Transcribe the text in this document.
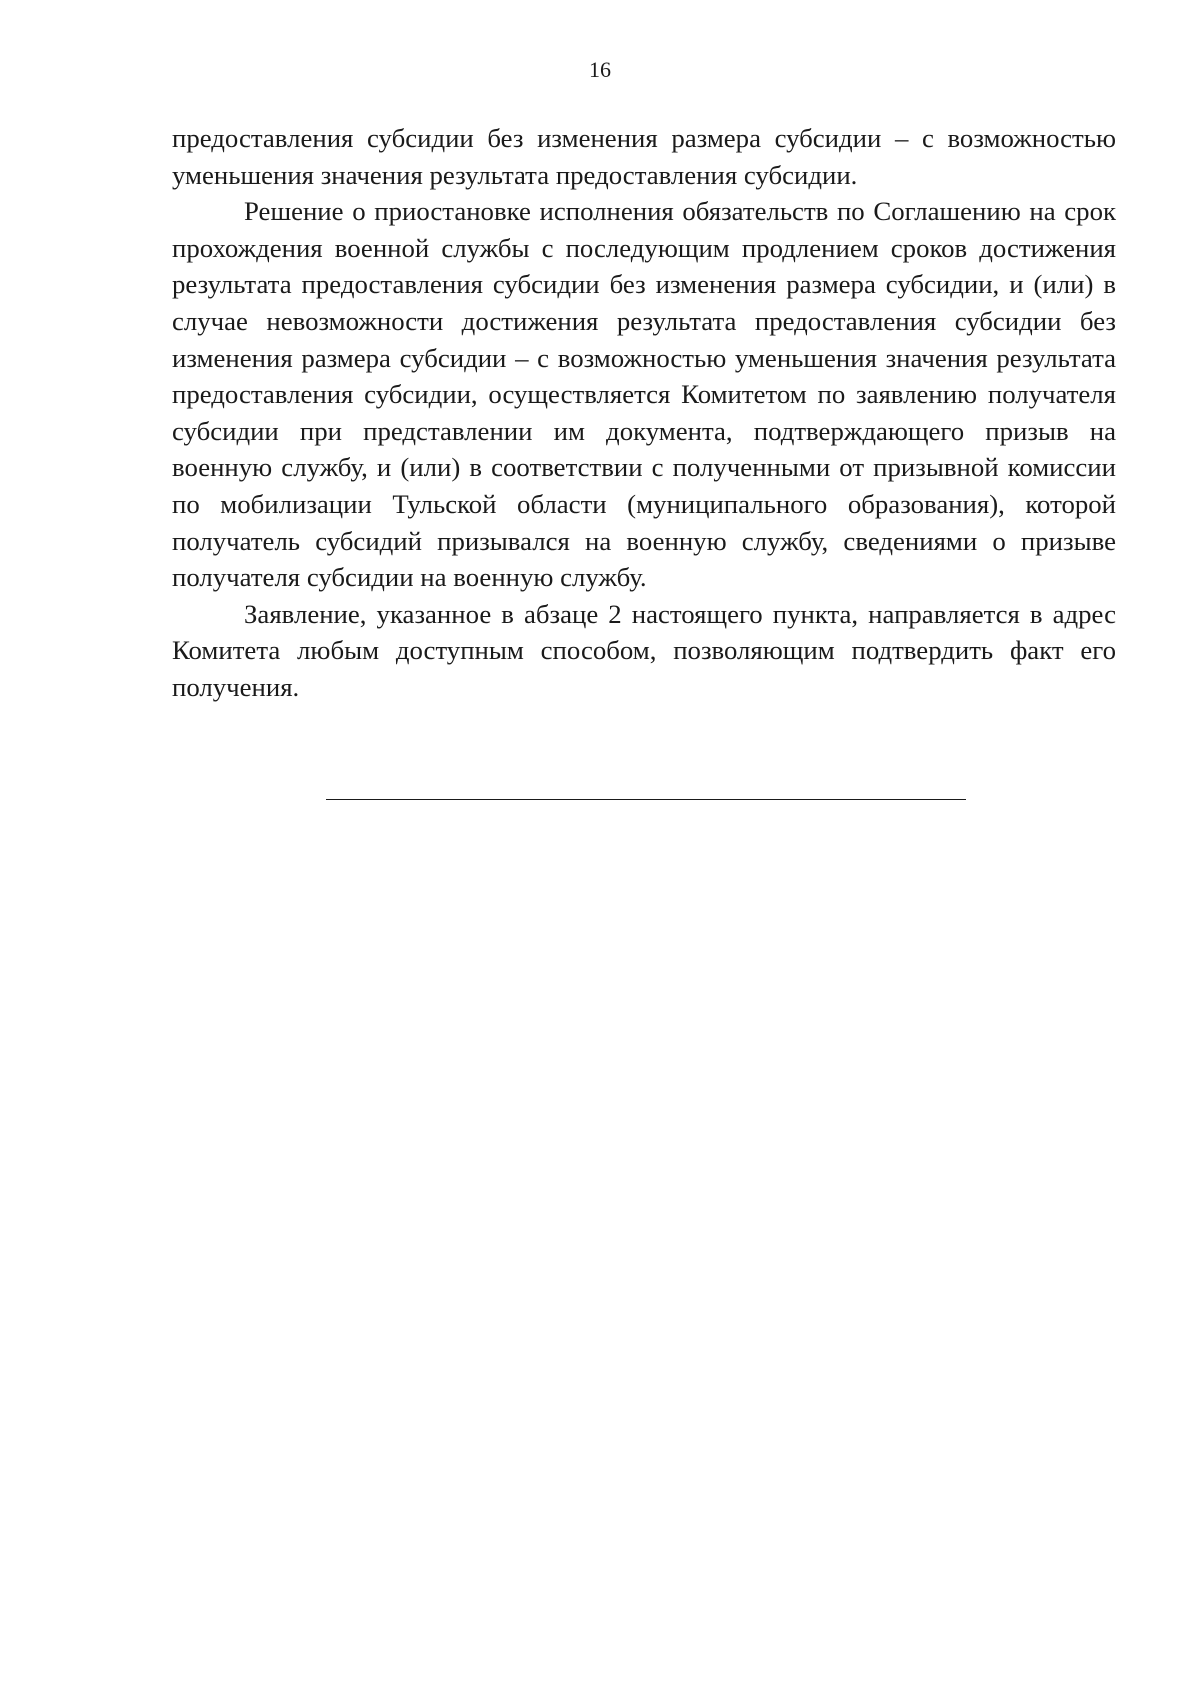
16

предоставления субсидии без изменения размера субсидии – с возможностью уменьшения значения результата предоставления субсидии.

Решение о приостановке исполнения обязательств по Соглашению на срок прохождения военной службы с последующим продлением сроков достижения результата предоставления субсидии без изменения размера субсидии, и (или) в случае невозможности достижения результата предоставления субсидии без изменения размера субсидии – с возможностью уменьшения значения результата предоставления субсидии, осуществляется Комитетом по заявлению получателя субсидии при представлении им документа, подтверждающего призыв на военную службу, и (или) в соответствии с полученными от призывной комиссии по мобилизации Тульской области (муниципального образования), которой получатель субсидий призывался на военную службу, сведениями о призыве получателя субсидии на военную службу.

Заявление, указанное в абзаце 2 настоящего пункта, направляется в адрес Комитета любым доступным способом, позволяющим подтвердить факт его получения.
